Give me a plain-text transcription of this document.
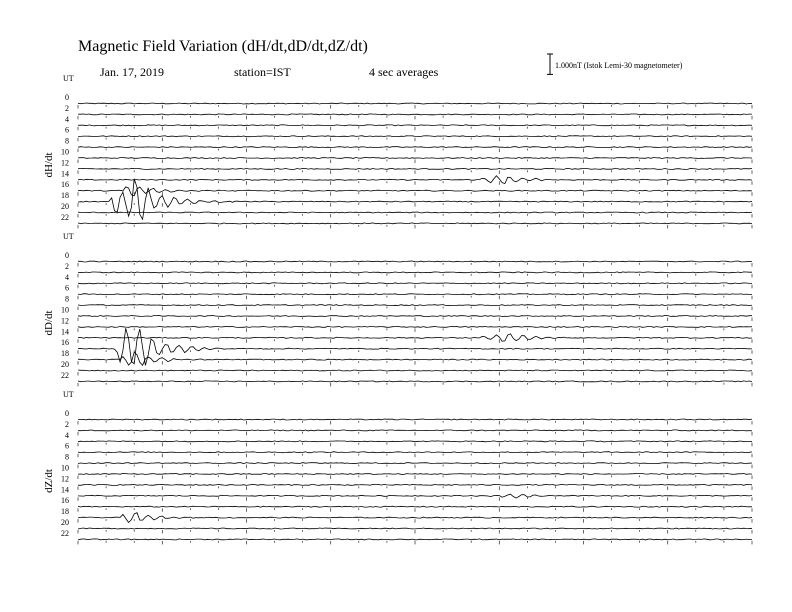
Magnetic Field Variation (dH/dt,dD/dt,dZ/dt)
Jan. 17, 2019	station=IST	4 sec averages	1.000nT (Istok Lemi-30 magnetometer)
UT
dH/dt
0
2
4
6
8
10
12
14
16
18
20
22
UT
dD/dt
0
2
4
6
8
10
12
14
16
18
20
22
UT
dZ/dt
0
2
4
6
8
10
12
14
16
18
20
22
